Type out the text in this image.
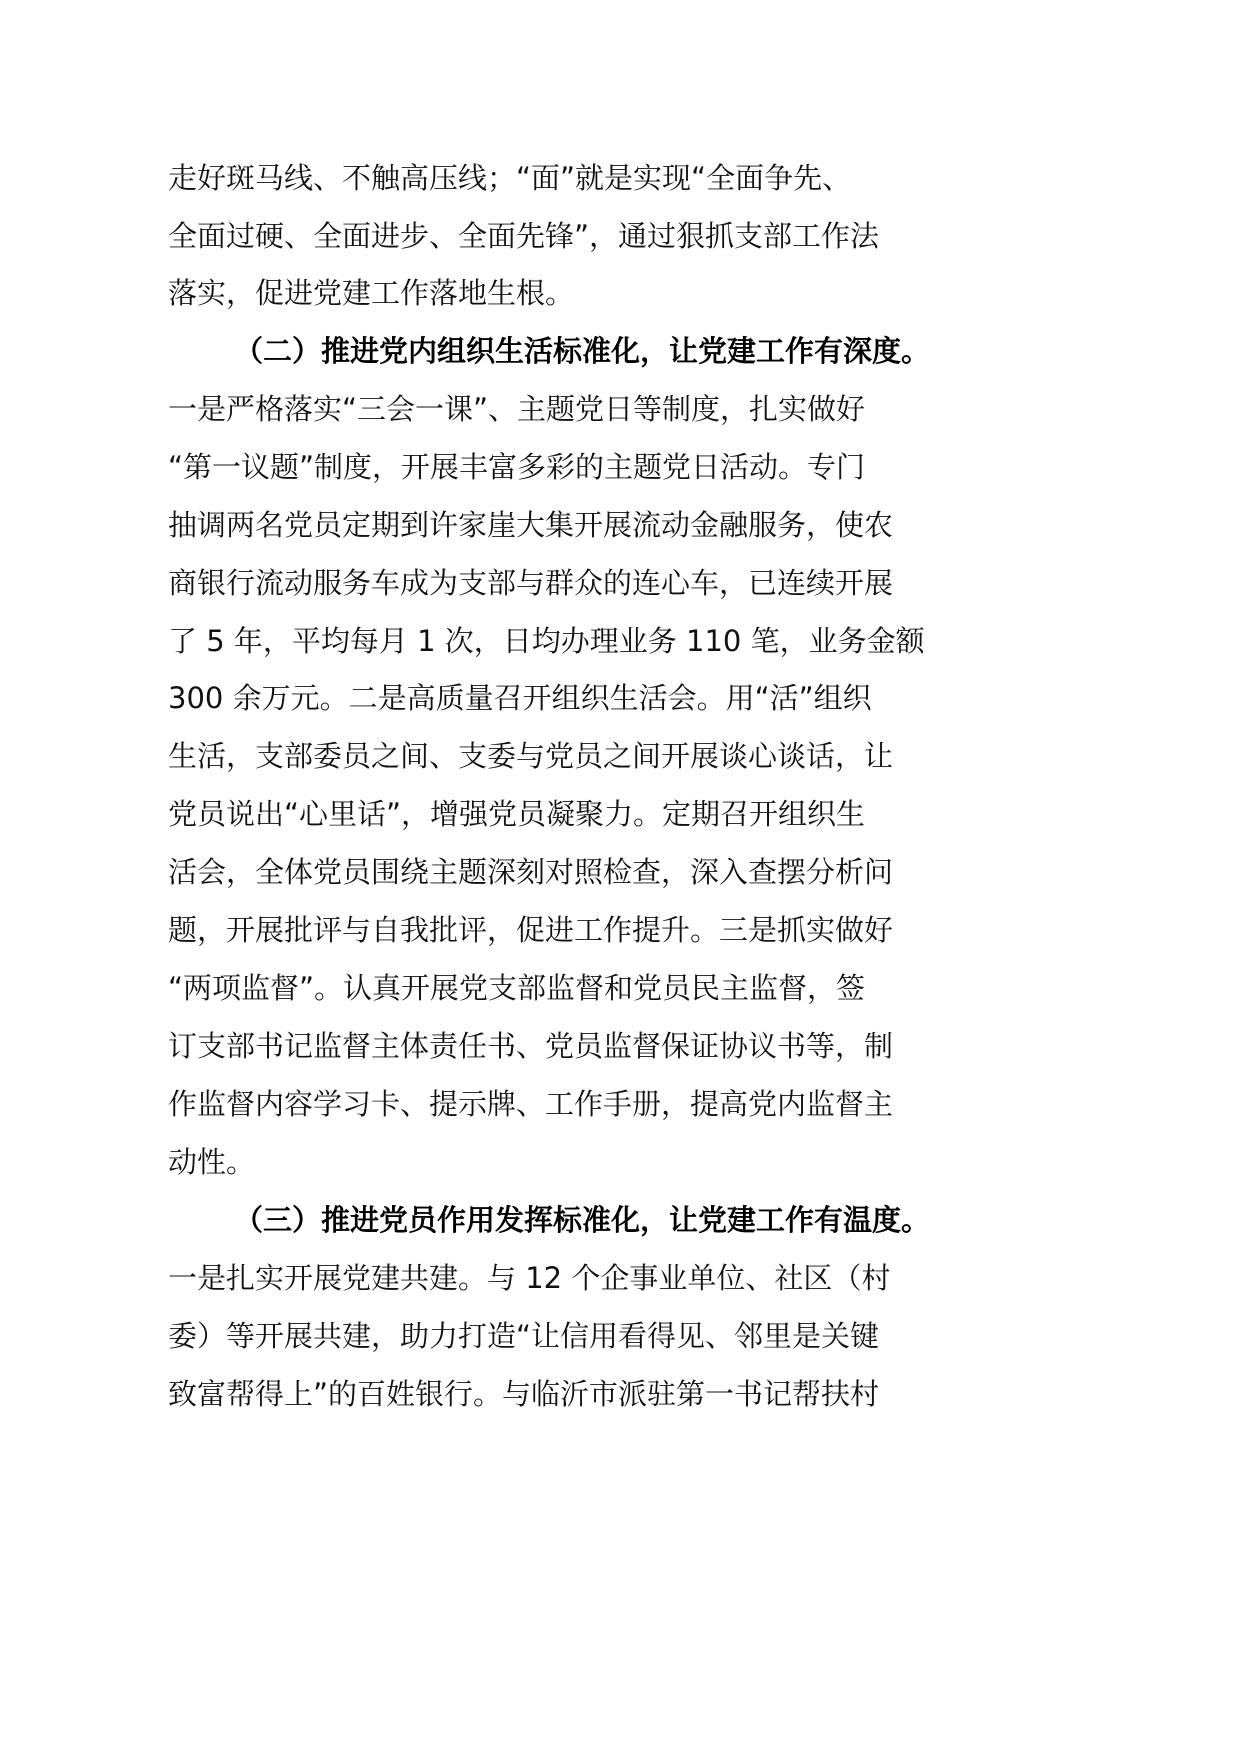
走好斑马线、不触高压线；“面”就是实现“全面争先、
全面过硬、全面进步、全面先锋”，通过狠抓支部工作法
落实，促进党建工作落地生根。
（二）推进党内组织生活标准化，让党建工作有深度。
一是严格落实“三会一课”、主题党日等制度，扎实做好
“第一议题”制度，开展丰富多彩的主题党日活动。专门
抽调两名党员定期到许家崖大集开展流动金融服务，使农
商银行流动服务车成为支部与群众的连心车，已连续开展
了 5 年，平均每月 1 次，日均办理业务 110 笔，业务金额
300 余万元。二是高质量召开组织生活会。用“活”组织
生活，支部委员之间、支委与党员之间开展谈心谈话，让
党员说出“心里话”，增强党员凝聚力。定期召开组织生
活会，全体党员围绕主题深刻对照检查，深入查摆分析问
题，开展批评与自我批评，促进工作提升。三是抓实做好
“两项监督”。认真开展党支部监督和党员民主监督，签
订支部书记监督主体责任书、党员监督保证协议书等，制
作监督内容学习卡、提示牌、工作手册，提高党内监督主
动性。
（三）推进党员作用发挥标准化，让党建工作有温度。
一是扎实开展党建共建。与 12 个企事业单位、社区（村
委）等开展共建，助力打造“让信用看得见、邻里是关键
致富帮得上”的百姓银行。与临沂市派驻第一书记帮扶村
